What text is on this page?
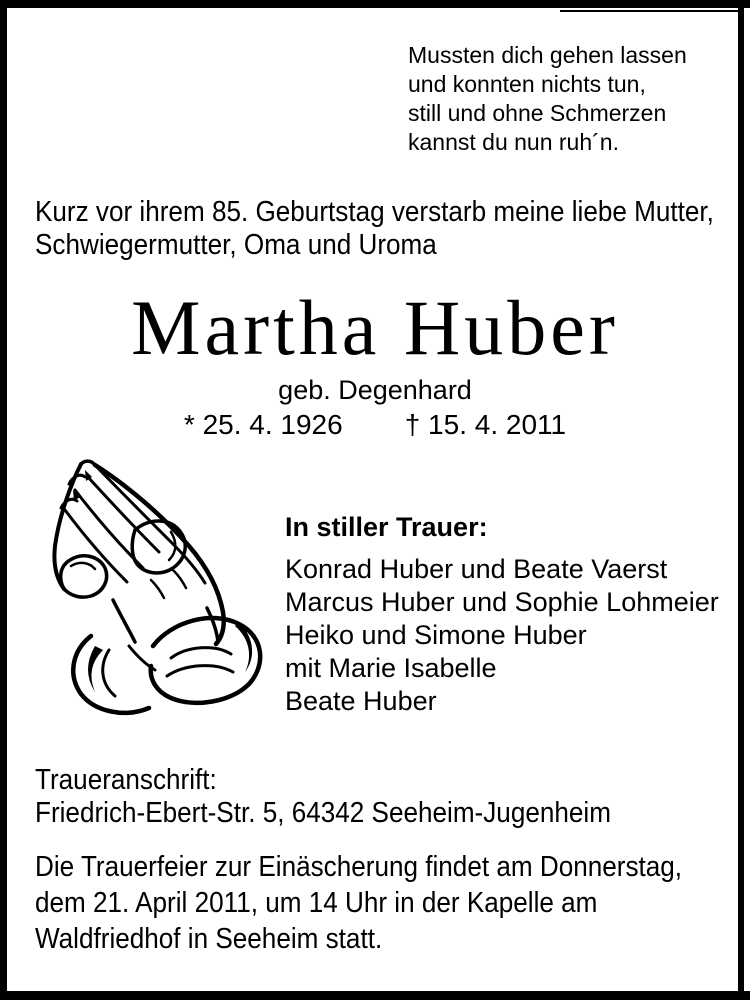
Mussten dich gehen lassen
und konnten nichts tun,
still und ohne Schmerzen
kannst du nun ruh´n.
Kurz vor ihrem 85. Geburtstag verstarb meine liebe Mutter,
Schwiegermutter, Oma und Uroma
Martha Huber
geb. Degenhard
* 25. 4. 1926 † 15. 4. 2011
In stiller Trauer:
Konrad Huber und Beate Vaerst
Marcus Huber und Sophie Lohmeier
Heiko und Simone Huber
mit Marie Isabelle
Beate Huber
Traueranschrift:
Friedrich-Ebert-Str. 5, 64342 Seeheim-Jugenheim
Die Trauerfeier zur Einäscherung findet am Donnerstag,
dem 21. April 2011, um 14 Uhr in der Kapelle am
Waldfriedhof in Seeheim statt.
